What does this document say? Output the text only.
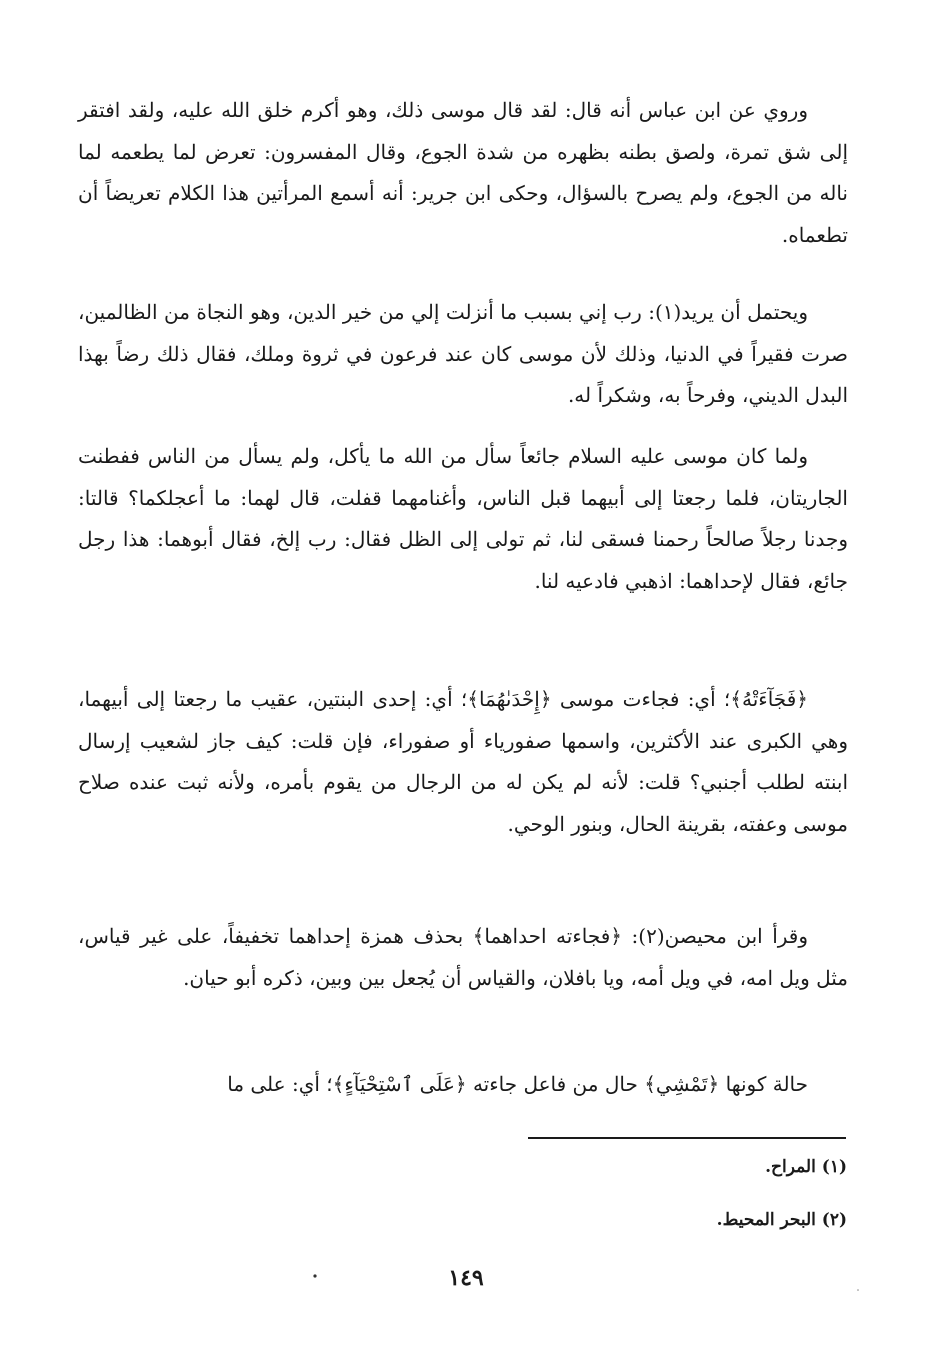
وروي عن ابن عباس أنه قال: لقد قال موسى ذلك، وهو أكرم خلق الله عليه، ولقد افتقر إلى شق تمرة، ولصق بطنه بظهره من شدة الجوع، وقال المفسرون: تعرض لما يطعمه لما ناله من الجوع، ولم يصرح بالسؤال، وحكى ابن جرير: أنه أسمع المرأتين هذا الكلام تعريضاً أن تطعماه.

ويحتمل أن يريد(١): رب إني بسبب ما أنزلت إلي من خير الدين، وهو النجاة من الظالمين، صرت فقيراً في الدنيا، وذلك لأن موسى كان عند فرعون في ثروة وملك، فقال ذلك رضاً بهذا البدل الديني، وفرحاً به، وشكراً له.

ولما كان موسى عليه السلام جائعاً سأل من الله ما يأكل، ولم يسأل من الناس ففطنت الجاريتان، فلما رجعتا إلى أبيهما قبل الناس، وأغنامهما قفلت، قال لهما: ما أعجلكما؟ قالتا: وجدنا رجلاً صالحاً رحمنا فسقى لنا، ثم تولى إلى الظل فقال: رب إلخ، فقال أبوهما: هذا رجل جائع، فقال لإحداهما: اذهبي فادعيه لنا.

﴿فَجَآءَتْهُ﴾؛ أي: فجاءت موسى ﴿إِحْدَىٰهُمَا﴾؛ أي: إحدى البنتين، عقيب ما رجعتا إلى أبيهما، وهي الكبرى عند الأكثرين، واسمها صفورياء أو صفوراء، فإن قلت: كيف جاز لشعيب إرسال ابنته لطلب أجنبي؟ قلت: لأنه لم يكن له من الرجال من يقوم بأمره، ولأنه ثبت عنده صلاح موسى وعفته، بقرينة الحال، وبنور الوحي.

وقرأ ابن محيصن(٢): ﴿فجاءته احداهما﴾ بحذف همزة إحداهما تخفيفاً، على غير قياس، مثل ويل امه، في ويل أمه، ويا بافلان، والقياس أن يُجعل بين وبين، ذكره أبو حيان.

حالة كونها ﴿تَمْشِي﴾ حال من فاعل جاءته ﴿عَلَى ٱسْتِحْيَآءٍ﴾؛ أي: على ما

(١) المراح.
(٢) البحر المحيط.
١٤٩
